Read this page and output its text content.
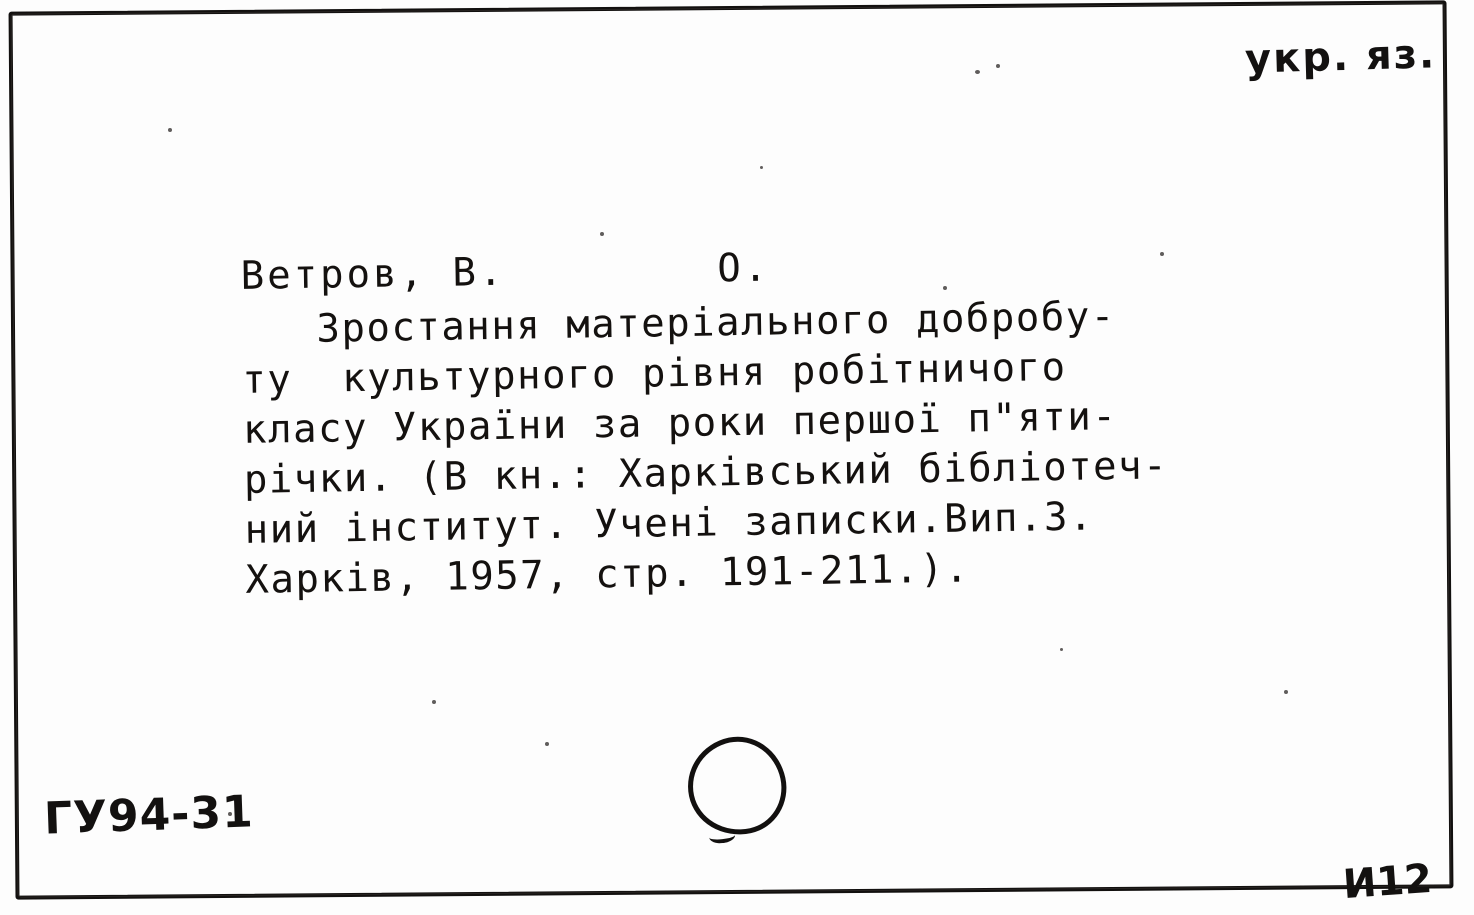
укр. яз.
Ветров, В.        О.
Зростання матеріального добробу-
ту  культурного рівня робітничого
класу України за роки першої п"яти-
річки. (В кн.: Харківський бібліотеч-
ний інститут. Учені записки.Вип.3.
Харків, 1957, стр. 191-211.).
ГУ94-31
И12
